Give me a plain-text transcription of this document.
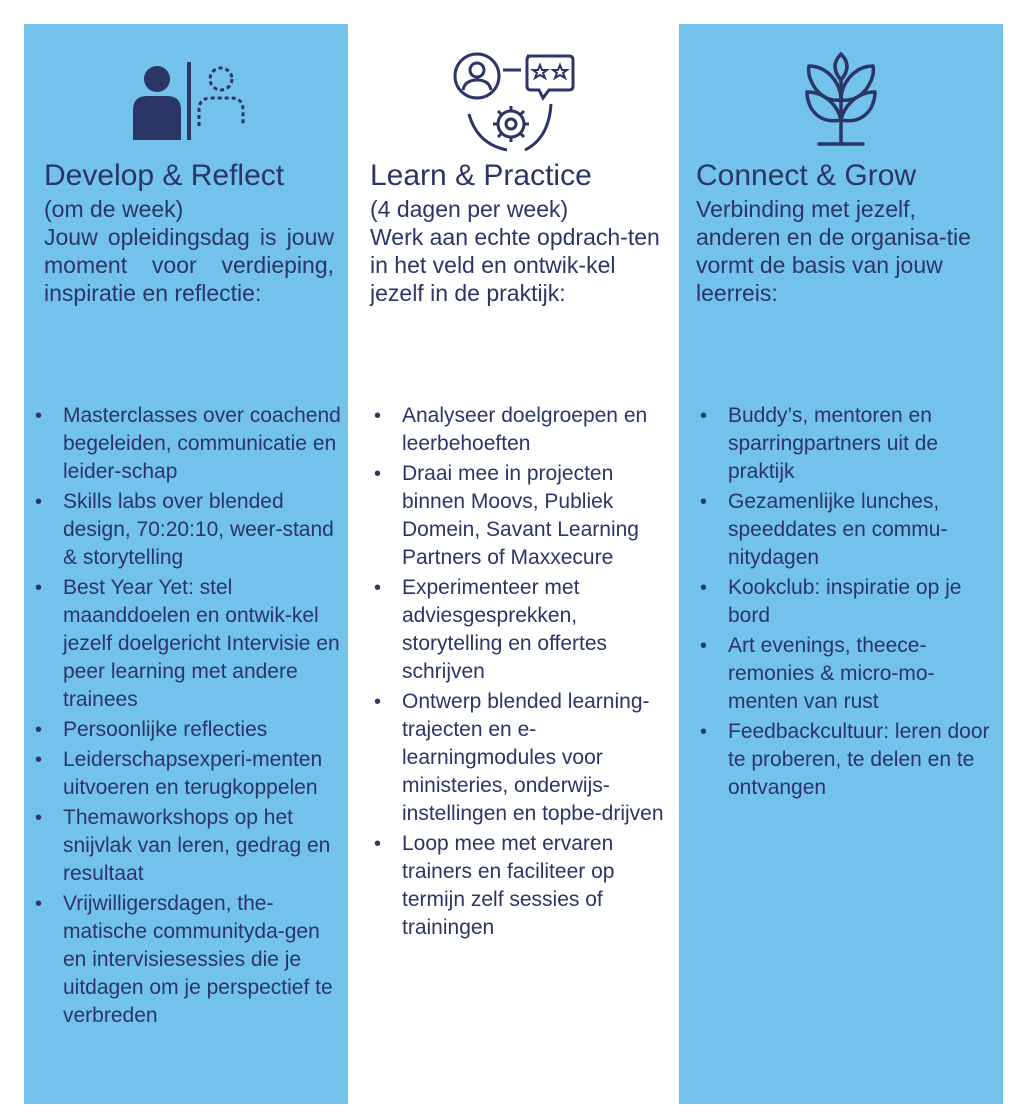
Develop & Reflect
(om de week)
Jouw opleidingsdag is jouw moment voor verdieping, inspiratie en reflectie:
• Masterclasses over coachend begeleiden, communicatie en leider-schap
• Skills labs over blended design, 70:20:10, weer-stand & storytelling
• Best Year Yet: stel maanddoelen en ontwik-kel jezelf doelgericht Intervisie en peer learning met andere trainees
• Persoonlijke reflecties
• Leiderschapsexperi-menten uitvoeren en terugkoppelen
• Themaworkshops op het snijvlak van leren, gedrag en resultaat
• Vrijwilligersdagen, the-matische communityda-gen en intervisiesessies die je uitdagen om je perspectief te verbreden
Learn & Practice
(4 dagen per week)
Werk aan echte opdrach-ten in het veld en ontwik-kel jezelf in de praktijk:
• Analyseer doelgroepen en leerbehoeften
• Draai mee in projecten binnen Moovs, Publiek Domein, Savant Learning Partners of Maxxecure
• Experimenteer met adviesgesprekken, storytelling en offertes schrijven
• Ontwerp blended learning-trajecten en e-learningmodules voor ministeries, onderwijs-instellingen en topbe-drijven
• Loop mee met ervaren trainers en faciliteer op termijn zelf sessies of trainingen
Connect & Grow
Verbinding met jezelf, anderen en de organisa-tie vormt de basis van jouw leerreis:
• Buddy’s, mentoren en sparringpartners uit de praktijk
• Gezamenlijke lunches, speeddates en commu-nitydagen
• Kookclub: inspiratie op je bord
• Art evenings, theece-remonies & micro-mo-menten van rust
• Feedbackcultuur: leren door te proberen, te delen en te ontvangen
